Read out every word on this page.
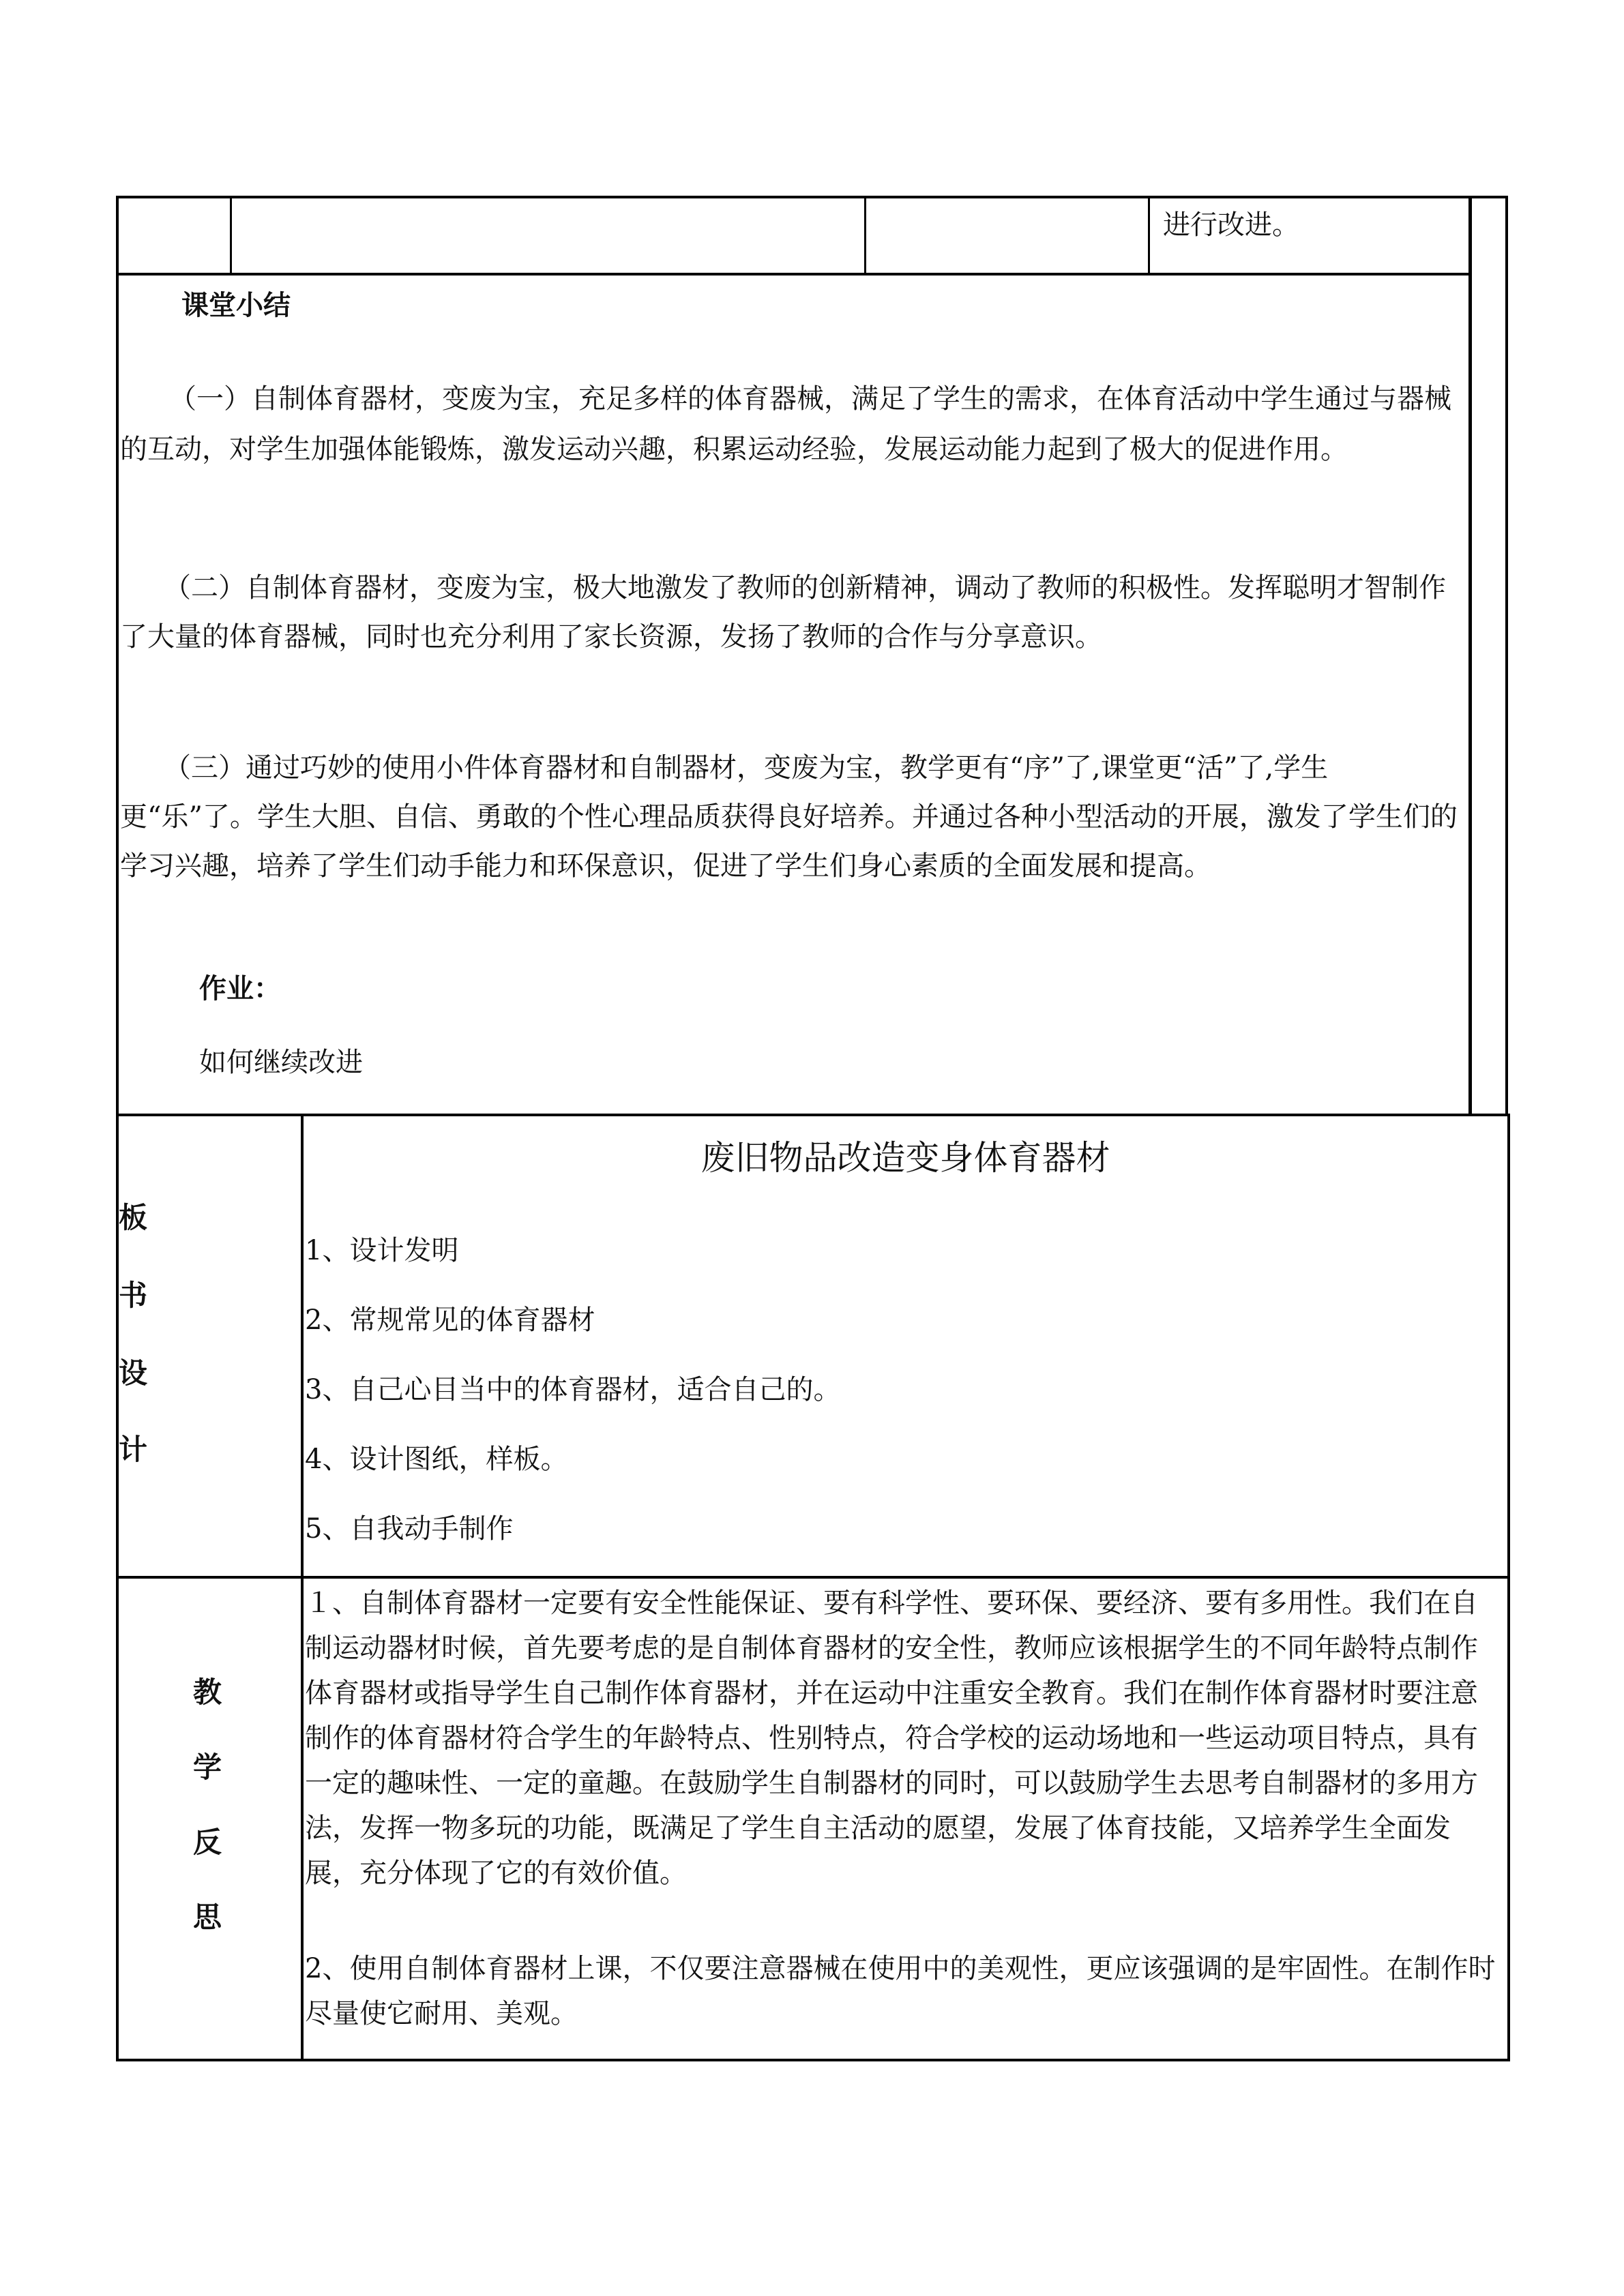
进行改进。
课堂小结
（一）自制体育器材，变废为宝，充足多样的体育器械，满足了学生的需求，在体育活动中学生通过与器械的互动，对学生加强体能锻炼，激发运动兴趣，积累运动经验，发展运动能力起到了极大的促进作用。
（二）自制体育器材，变废为宝，极大地激发了教师的创新精神，调动了教师的积极性。发挥聪明才智制作了大量的体育器械，同时也充分利用了家长资源，发扬了教师的合作与分享意识。
（三）通过巧妙的使用小件体育器材和自制器材，变废为宝，教学更有“序”了,课堂更“活”了,学生更“乐”了。学生大胆、自信、勇敢的个性心理品质获得良好培养。并通过各种小型活动的开展，激发了学生们的学习兴趣，培养了学生们动手能力和环保意识，促进了学生们身心素质的全面发展和提高。
作业：
如何继续改进
板
书
设
计
废旧物品改造变身体育器材
1、设计发明
2、常规常见的体育器材
3、自己心目当中的体育器材，适合自己的。
4、设计图纸，样板。
5、自我动手制作
教
学
反
思
１、自制体育器材一定要有安全性能保证、要有科学性、要环保、要经济、要有多用性。我们在自制运动器材时候，首先要考虑的是自制体育器材的安全性，教师应该根据学生的不同年龄特点制作体育器材或指导学生自己制作体育器材，并在运动中注重安全教育。我们在制作体育器材时要注意制作的体育器材符合学生的年龄特点、性别特点，符合学校的运动场地和一些运动项目特点，具有一定的趣味性、一定的童趣。在鼓励学生自制器材的同时，可以鼓励学生去思考自制器材的多用方法，发挥一物多玩的功能，既满足了学生自主活动的愿望，发展了体育技能，又培养学生全面发展，充分体现了它的有效价值。
2、使用自制体育器材上课，不仅要注意器械在使用中的美观性，更应该强调的是牢固性。在制作时尽量使它耐用、美观。
